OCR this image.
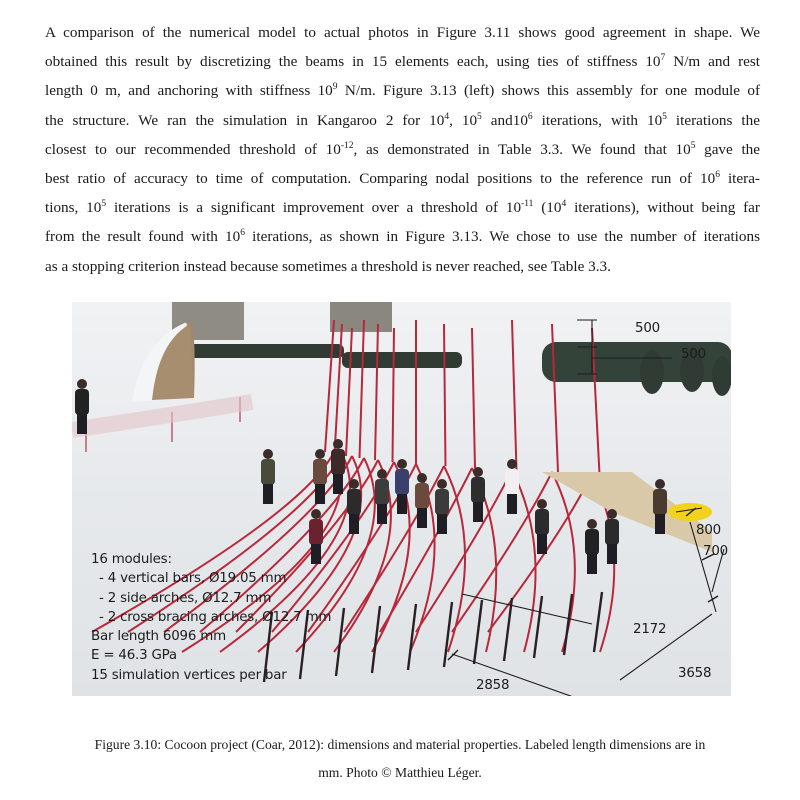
A comparison of the numerical model to actual photos in Figure 3.11 shows good agreement in shape. We
obtained this result by discretizing the beams in 15 elements each, using ties of stiffness $10^7$ N/m and rest
length 0 m, and anchoring with stiffness $10^9$ N/m. Figure 3.13 (left) shows this assembly for one module of
the structure. We ran the simulation in Kangaroo 2 for $10^4$, $10^5$ $and10^6$ iterations, with $10^5$ iterations the
closest to our recommended threshold of $10^{-12}$, as demonstrated in Table 3.3. We found that $10^5$ gave the
best ratio of accuracy to time of computation. Comparing nodal positions to the reference run of $10^6$ itera-
tions, $10^5$ iterations is a significant improvement over a threshold of $10^{-11}$ ($10^4$ iterations), without being far
from the result found with $10^6$ iterations, as shown in Figure 3.13. We chose to use the number of iterations
as a stopping criterion instead because sometimes a threshold is never reached, see Table 3.3.
16 modules:
- 4 vertical bars, Ø19.05 mm
- 2 side arches, Ø12.7 mm
- 2 cross bracing arches, Ø12.7 mm
Bar length 6096 mm
E = 46.3 GPa
15 simulation vertices per bar
500
500
800
700
2172
3658
2858
Figure 3.10: Cocoon project (Coar, 2012): dimensions and material properties. Labeled length dimensions are in
mm. Photo © Matthieu Léger.
